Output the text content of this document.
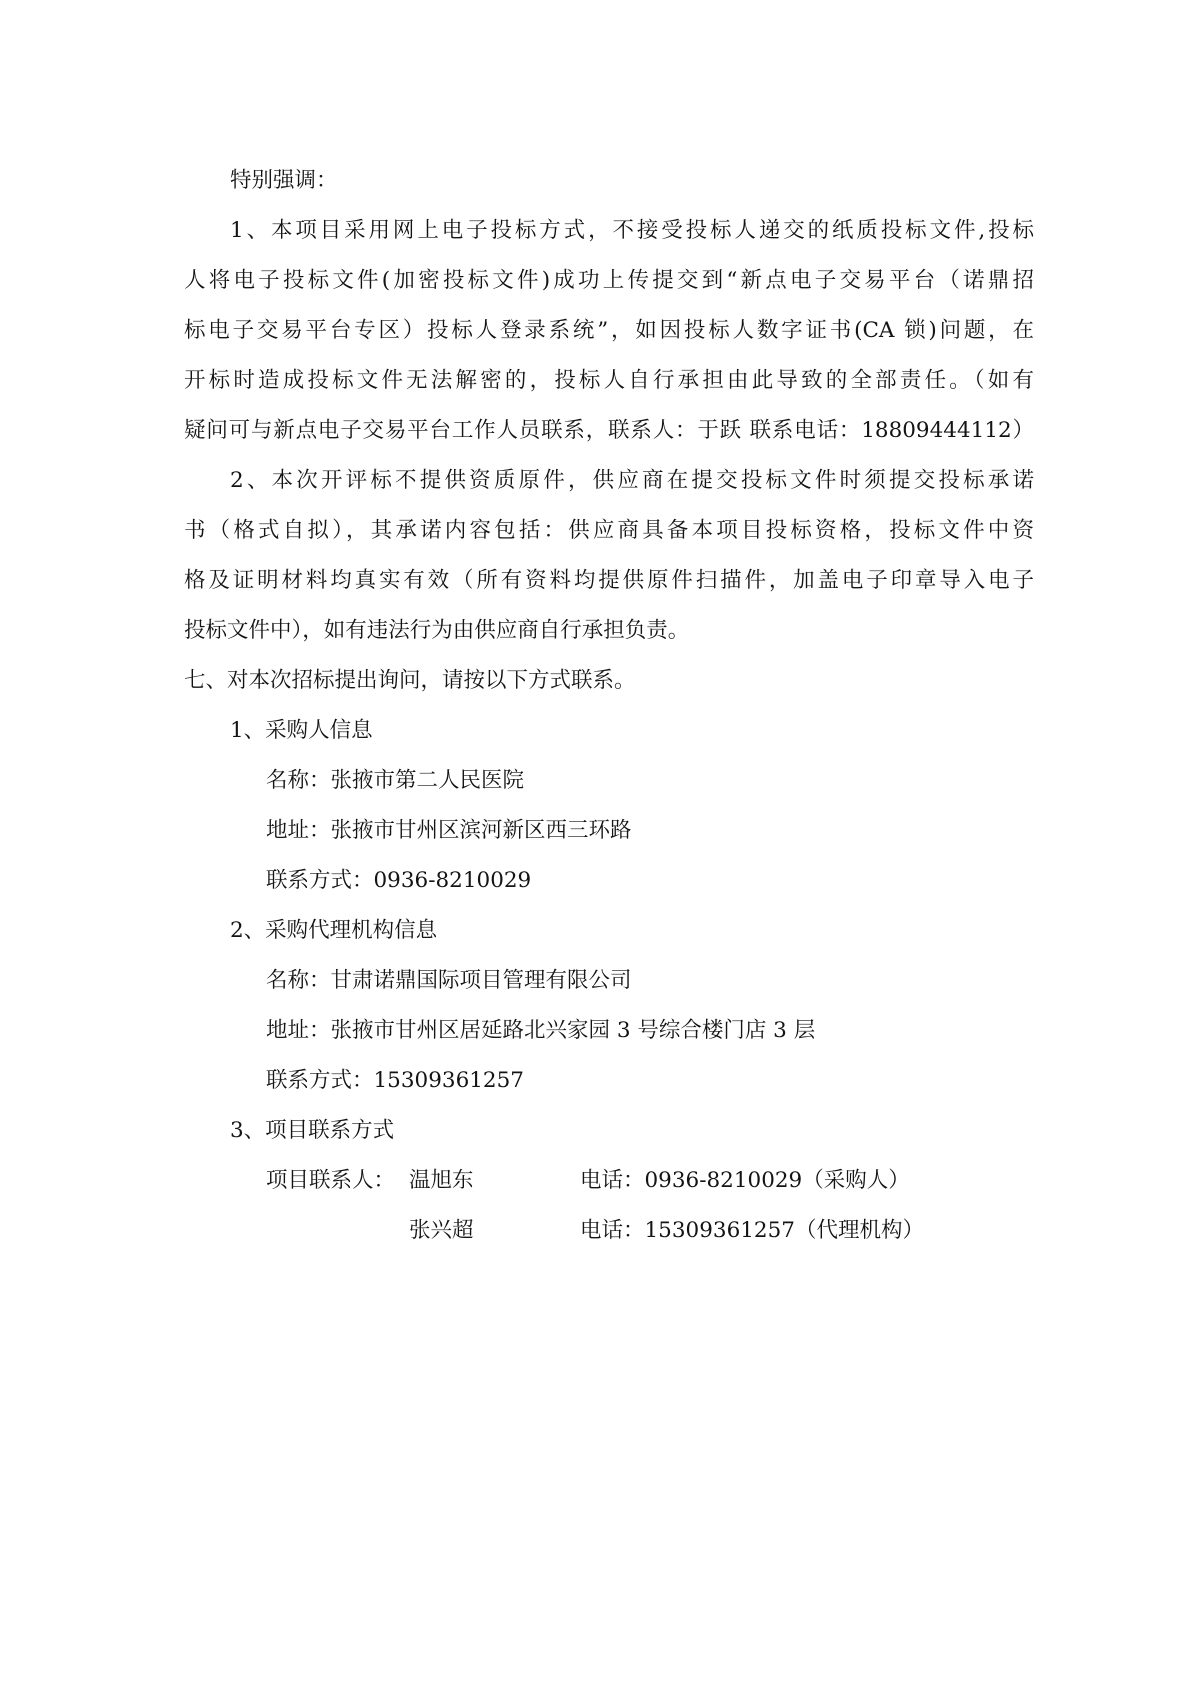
特别强调：
1、本项目采用网上电子投标方式，不接受投标人递交的纸质投标文件,投标
人将电子投标文件(加密投标文件)成功上传提交到“新点电子交易平台（诺鼎招
标电子交易平台专区）投标人登录系统”，如因投标人数字证书(CA 锁)问题，在
开标时造成投标文件无法解密的，投标人自行承担由此导致的全部责任。（如有
疑问可与新点电子交易平台工作人员联系，联系人：于跃 联系电话：18809444112）
2、本次开评标不提供资质原件，供应商在提交投标文件时须提交投标承诺
书（格式自拟），其承诺内容包括：供应商具备本项目投标资格，投标文件中资
格及证明材料均真实有效（所有资料均提供原件扫描件，加盖电子印章导入电子
投标文件中），如有违法行为由供应商自行承担负责。
七、对本次招标提出询问，请按以下方式联系。
1、采购人信息
名称：张掖市第二人民医院
地址：张掖市甘州区滨河新区西三环路
联系方式：0936-8210029
2、采购代理机构信息
名称：甘肃诺鼎国际项目管理有限公司
地址：张掖市甘州区居延路北兴家园 3 号综合楼门店 3 层
联系方式：15309361257
3、项目联系方式
项目联系人： 温旭东	电话：0936-8210029（采购人）
张兴超	电话：15309361257（代理机构）
